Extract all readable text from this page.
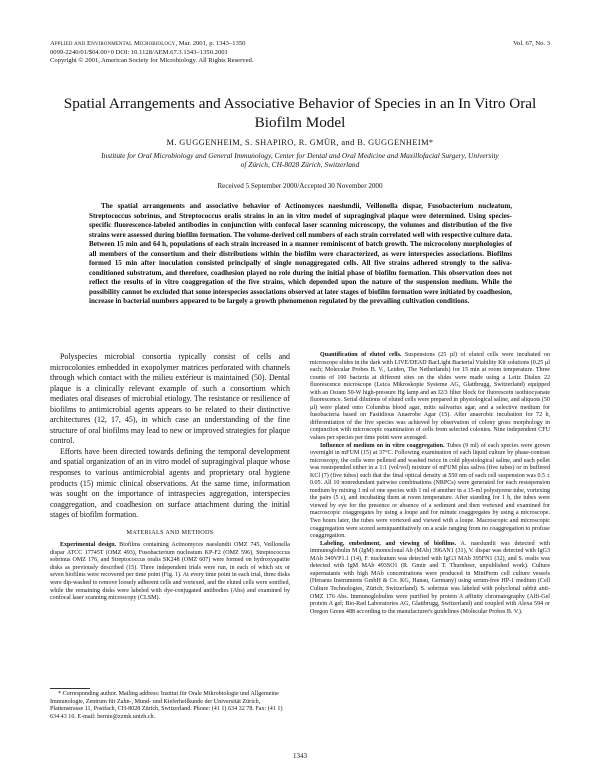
Applied and Environmental Microbiology, Mar. 2001, p. 1343–1350
0099-2240/01/$04.00+0 DOI: 10.1128/AEM.67.3.1343–1350.2001
Copyright © 2001, American Society for Microbiology. All Rights Reserved.
Vol. 67, No. 3
Spatial Arrangements and Associative Behavior of Species in an In Vitro Oral Biofilm Model
M. GUGGENHEIM, S. SHAPIRO, R. GMÜR, and B. GUGGENHEIM*
Institute for Oral Microbiology and General Immunology, Center for Dental and Oral Medicine and Maxillofacial Surgery, University of Zürich, CH-8028 Zürich, Switzerland
Received 5 September 2000/Accepted 30 November 2000

The spatial arrangements and associative behavior of Actinomyces naeslundii, Veillonella dispar, Fusobacterium nucleatum, Streptococcus sobrinus, and Streptococcus oralis strains in an in vitro model of supragingival plaque were determined. Using species-specific fluorescence-labeled antibodies in conjunction with confocal laser scanning microscopy, the volumes and distribution of the five strains were assessed during biofilm formation. The volume-derived cell numbers of each strain correlated well with respective culture data. Between 15 min and 64 h, populations of each strain increased in a manner reminiscent of batch growth. The microcolony morphologies of all members of the consortium and their distributions within the biofilm were characterized, as were interspecies associations. Biofilms formed 15 min after inoculation consisted principally of single nonaggregated cells. All five strains adhered strongly to the saliva-conditioned substratum, and therefore, coadhesion played no role during the initial phase of biofilm formation. This observation does not reflect the results of in vitro coaggregation of the five strains, which depended upon the nature of the suspension medium. While the possibility cannot be excluded that some interspecies associations observed at later stages of biofilm formation were initiated by coadhesion, increase in bacterial numbers appeared to be largely a growth phenomenon regulated by the prevailing cultivation conditions.

Polyspecies microbial consortia typically consist of cells and microcolonies embedded in exopolymer matrices perforated with channels through which contact with the milieu extérieur is maintained (50). Dental plaque is a clinically relevant example of such a consortium which mediates oral diseases of microbial etiology. The resistance or resilience of biofilms to antimicrobial agents appears to be related to their distinctive architectures (12, 17, 45), in which case an understanding of the fine structure of oral biofilms may lead to new or improved strategies for plaque control.

Efforts have been directed towards defining the temporal development and spatial organization of an in vitro model of supragingival plaque whose responses to various antimicrobial agents and proprietary oral hygiene products (15) mimic clinical observations. At the same time, information was sought on the importance of intraspecies aggregation, interspecies coaggregation, and coadhesion on surface attachment during the initial stages of biofilm formation.

MATERIALS AND METHODS

Experimental design. Biofilms containing Actinomyces naeslundii OMZ 745, Veillonella dispar ATCC 17745T (OMZ 493), Fusobacterium nucleatum KP-F2 (OMZ 596), Streptococcus sobrinus OMZ 176, and Streptococcus oralis SK248 (OMZ 607) were formed on hydroxyapatite disks as previously described (15). Three independent trials were run, in each of which six or seven biofilms were recovered per time point (Fig. 1). At every time point in each trial, three disks were dip-washed to remove loosely adherent cells and vortexed, and the eluted cells were sonified, while the remaining disks were labeled with dye-conjugated antibodies (Abs) and examined by confocal laser scanning microscopy (CLSM).

Quantification of eluted cells. Suspensions (25 µl) of eluted cells were incubated on microscope slides in the dark with LIVE/DEAD BacLight Bacterial Viability Kit solutions (0.25 µl each; Molecular Probes B. V., Leiden, The Netherlands) for 15 min at room temperature. Three counts of 100 bacteria at different sites on the slides were made using a Leitz Dialux 22 fluorescence microscope (Leica Mikroskopie Systeme AG, Glattbrugg, Switzerland) equipped with an Osram 50-W high-pressure Hg lamp and an I2/3 filter block for fluorescein isothiocyanate fluorescence. Serial dilutions of eluted cells were prepared in physiological saline, and aliquots (50 µl) were plated onto Columbia blood agar, mitis salivarius agar, and a selective medium for fusobacteria based on Fastidious Anaerobe Agar (15). After anaerobic incubation for 72 h, differentiation of the five species was achieved by observation of colony gross morphology in conjunction with microscopic examination of cells from selected colonies. Nine independent CFU values per species per time point were averaged.

Influence of medium on in vitro coaggregation. Tubes (9 ml) of each species were grown overnight in mFUM (15) at 37°C. Following examination of each liquid culture by phase-contrast microscopy, the cells were pelleted and washed twice in cold physiological saline, and each pellet was resuspended either in a 1:1 (vol/vol) mixture of mFUM plus saliva (five tubes) or in buffered KCl (7) (five tubes) such that the final optical density at 550 nm of each cell suspension was 0.5 ± 0.05. All 10 nonredundant pairwise combinations (NRPCs) were generated for each resuspension medium by mixing 1 ml of one species with 1 ml of another in a 15-ml polystyrene tube, vortexing the pairs (5 s), and incubating them at room temperature. After standing for 1 h, the tubes were viewed by eye for the presence or absence of a sediment and then vortexed and examined for macroscopic coaggregates by using a loupe and for minute coaggregates by using a microscope. Two hours later, the tubes were vortexed and viewed with a loupe. Macroscopic and microscopic coaggregation were scored semiquantitatively on a scale ranging from no coaggregation to profuse coaggregation.

Labeling, embedment, and viewing of biofilms. A. naeslundii was detected with immunoglobulin M (IgM) monoclonal Ab (MAb) 396AN1 (31), V. dispar was detected with IgG3 MAb 349VP1.1 (14), F. nucleatum was detected with IgG3 MAb 395FN1 (32), and S. oralis was detected with IgM MAb 493SO1 (R. Gmür and T. Thurnheer, unpublished work). Culture supernatants with high MAb concentrations were produced in MiniPerm cell culture vessels (Heraeus Instruments GmbH & Co. KG, Hanau, Germany) using serum-free HP-1 medium (Cell Culture Technologies, Zürich, Switzerland). S. sobrinus was labeled with polyclonal rabbit anti-OMZ 176 Abs. Immunoglobulins were purified by protein A affinity chromatography (Affi-Gel protein A gel; Bio-Rad Laboratories AG, Glattbrugg, Switzerland) and coupled with Alexa 594 or Oregon Green 488 according to the manufacturer's guidelines (Molecular Probes B. V.).

* Corresponding author. Mailing address: Institut für Orale Mikrobiologie und Allgemeine Immunologie, Zentrum für Zahn-, Mund- und Kieferheilkunde der Universität Zürich, Plattenstrasse 11, Postfach, CH-8028 Zürich, Switzerland. Phone: (41 1) 634 32 78. Fax: (41 1) 634 43 10. E-mail: bernie@zzmk.unizh.ch.

1343
